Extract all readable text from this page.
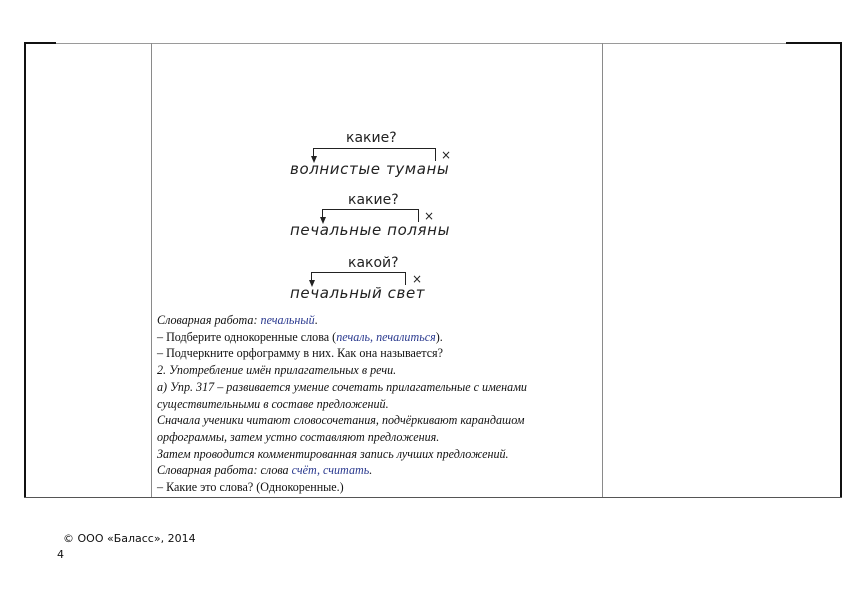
какие?
×
волнистые туманы
какие?
×
печальные поляны
какой?
×
печальный свет
Словарная работа: печальный.
– Подберите однокоренные слова (печаль, печалиться).
– Подчеркните орфограмму в них. Как она называется?
2. Употребление имён прилагательных в речи.
а) Упр. 317 – развивается умение сочетать прилагательные с именами
существительными в составе предложений.
Сначала ученики читают словосочетания, подчёркивают карандашом
орфограммы, затем устно составляют предложения.
Затем проводится комментированная запись лучших предложений.
Словарная работа: слова счёт, считать.
– Какие это слова? (Однокоренные.)
© ООО «Баласс», 2014
4
